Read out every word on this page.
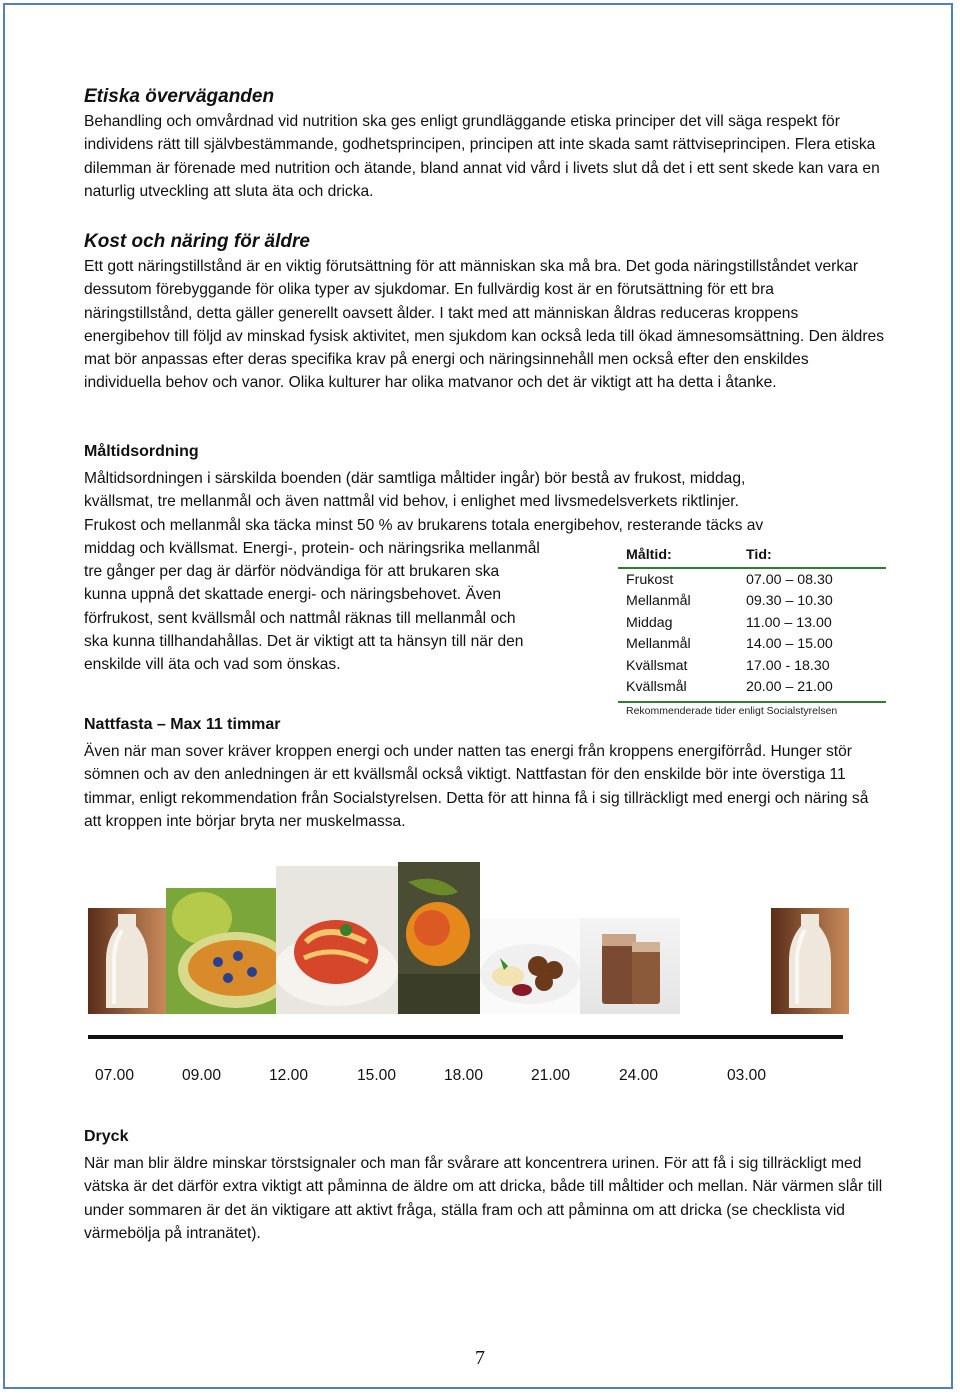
Etiska överväganden

Behandling och omvårdnad vid nutrition ska ges enligt grundläggande etiska principer det vill säga respekt för individens rätt till självbestämmande, godhetsprincipen, principen att inte skada samt rättviseprincipen. Flera etiska dilemman är förenade med nutrition och ätande, bland annat vid vård i livets slut då det i ett sent skede kan vara en naturlig utveckling att sluta äta och dricka.

Kost och näring för äldre

Ett gott näringstillstånd är en viktig förutsättning för att människan ska må bra. Det goda näringstillståndet verkar dessutom förebyggande för olika typer av sjukdomar. En fullvärdig kost är en förutsättning för ett bra näringstillstånd, detta gäller generellt oavsett ålder. I takt med att människan åldras reduceras kroppens energibehov till följd av minskad fysisk aktivitet, men sjukdom kan också leda till ökad ämnesomsättning. Den äldres mat bör anpassas efter deras specifika krav på energi och näringsinnehåll men också efter den enskildes individuella behov och vanor. Olika kulturer har olika matvanor och det är viktigt att ha detta i åtanke.

Måltidsordning

Måltidsordningen i särskilda boenden (där samtliga måltider ingår) bör bestå av frukost, middag,

kvällsmat, tre mellanmål och även nattmål vid behov, i enlighet med livsmedelsverkets riktlinjer.

Frukost och mellanmål ska täcka minst 50 % av brukarens totala energibehov, resterande täcks av

middag och kvällsmat. Energi-, protein- och näringsrika mellanmål

tre gånger per dag är därför nödvändiga för att brukaren ska

kunna uppnå det skattade energi- och näringsbehovet. Även

förfrukost, sent kvällsmål och nattmål räknas till mellanmål och

ska kunna tillhandahållas. Det är viktigt att ta hänsyn till när den

enskilde vill äta och vad som önskas.

Måltid:	Tid:
Frukost	07.00 – 08.30
Mellanmål	09.30 – 10.30
Middag	11.00 – 13.00
Mellanmål	14.00 – 15.00
Kvällsmat	17.00 - 18.30
Kvällsmål	20.00 – 21.00
Rekommenderade tider enligt Socialstyrelsen
Nattfasta – Max 11 timmar

Även när man sover kräver kroppen energi och under natten tas energi från kroppens energiförråd. Hunger stör sömnen och av den anledningen är ett kvällsmål också viktigt. Nattfastan för den enskilde bör inte överstiga 11 timmar, enligt rekommendation från Socialstyrelsen. Detta för att hinna få i sig tillräckligt med energi och näring så att kroppen inte börjar bryta ner muskelmassa.

07.00	09.00	12.00	15.00	18.00	21.00	24.00	03.00
Dryck

När man blir äldre minskar törstsignaler och man får svårare att koncentrera urinen. För att få i sig tillräckligt med vätska är det därför extra viktigt att påminna de äldre om att dricka, både till måltider och mellan. När värmen slår till under sommaren är det än viktigare att aktivt fråga, ställa fram och att påminna om att dricka (se checklista vid värmebölja på intranätet).

7
